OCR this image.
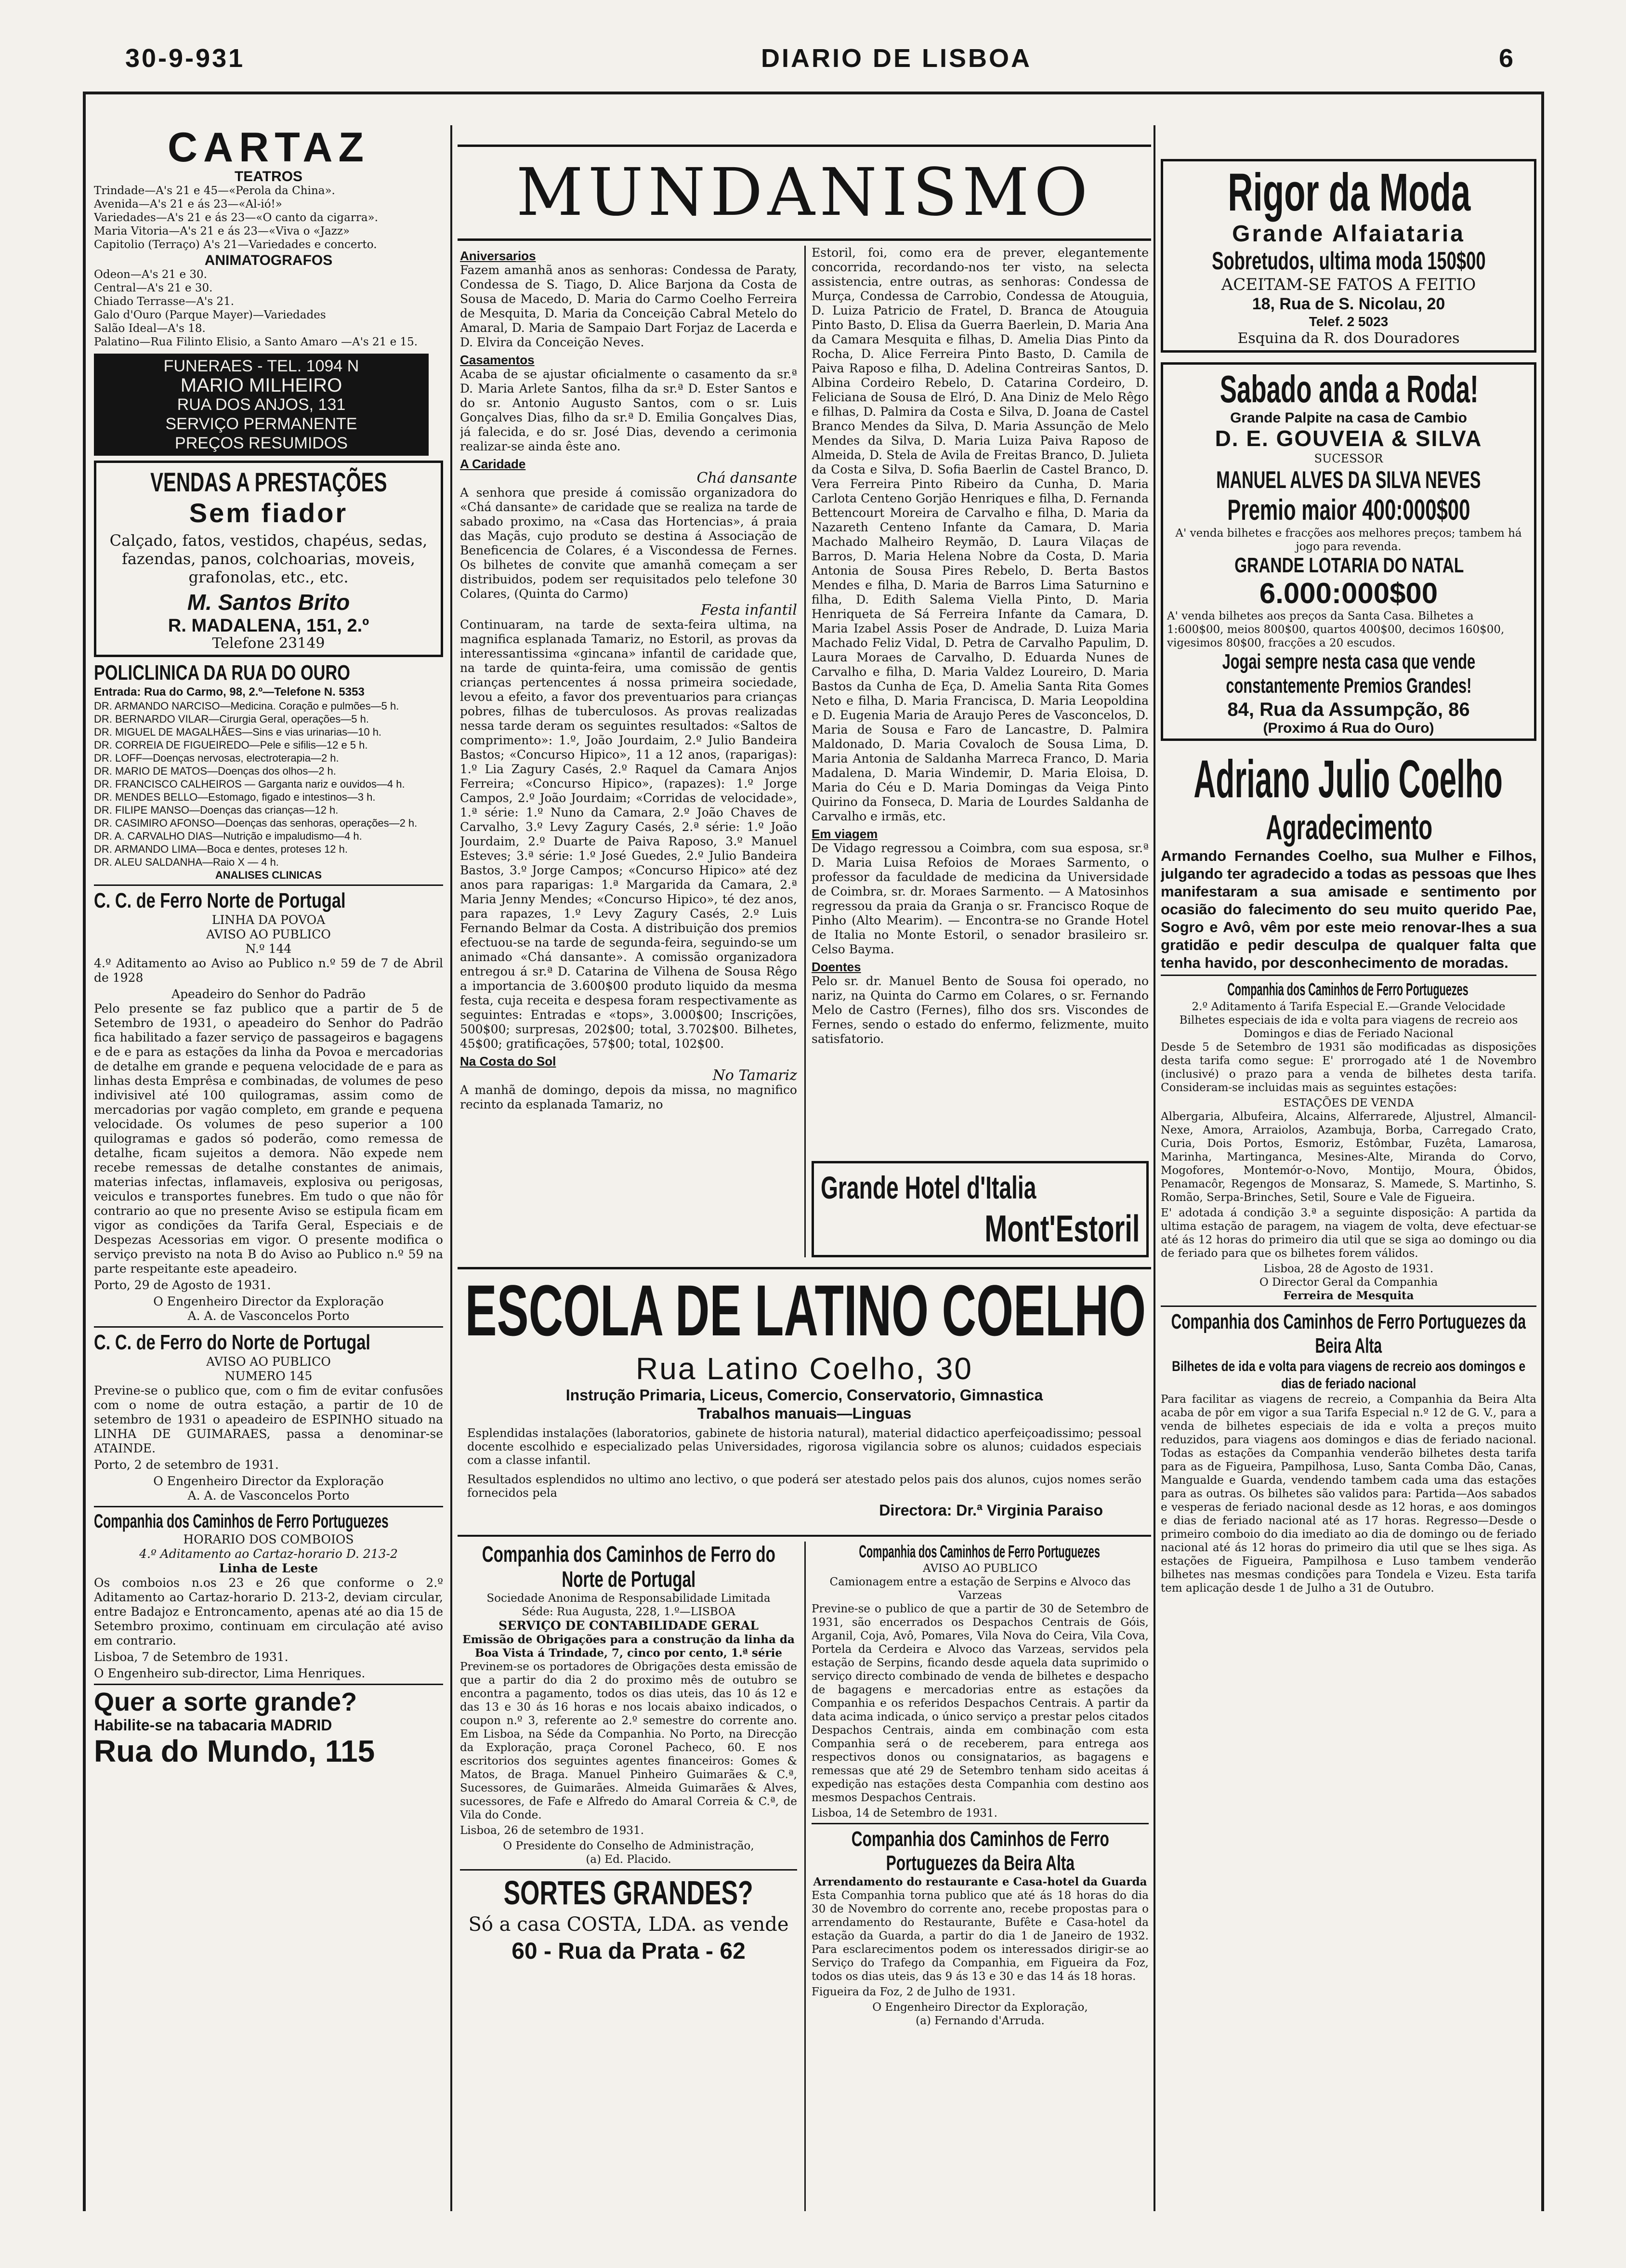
30-9-931	DIARIO DE LISBOA	6
CARTAZ
TEATROS
Trindade—A's 21 e 45—«Perola da China».
Avenida—A's 21 e ás 23—«Al-ió!»
Variedades—A's 21 e ás 23—«O canto da cigarra».
Maria Vitoria—A's 21 e ás 23—«Viva o «Jazz»
Capitolio (Terraço) A's 21—Variedades e concerto.
ANIMATOGRAFOS
Odeon—A's 21 e 30.
Central—A's 21 e 30.
Chiado Terrasse—A's 21.
Galo d'Ouro (Parque Mayer)—Variedades
Salão Ideal—A's 18.
Palatino—Rua Filinto Elisio, a Santo Amaro —A's 21 e 15.
FUNERAES - TEL. 1094 N
MARIO MILHEIRO
RUA DOS ANJOS, 131
SERVIÇO PERMANENTE
PREÇOS RESUMIDOS
VENDAS A PRESTAÇÕES
Sem fiador
Calçado, fatos, vestidos, chapéus, sedas, fazendas, panos, colchoarias, moveis, grafonolas, etc., etc.
M. Santos Brito
R. MADALENA, 151, 2.º
Telefone 23149
POLICLINICA DA RUA DO OURO
Entrada: Rua do Carmo, 98, 2.º—Telefone N. 5353
DR. ARMANDO NARCISO—Medicina. Coração e pulmões—5 h.
DR. BERNARDO VILAR—Cirurgia Geral, operações—5 h.
DR. MIGUEL DE MAGALHÃES—Sins e vias urinarias—10 h.
DR. CORREIA DE FIGUEIREDO—Pele e sifilis—12 e 5 h.
DR. LOFF—Doenças nervosas, electroterapia—2 h.
DR. MARIO DE MATOS—Doenças dos olhos—2 h.
DR. FRANCISCO CALHEIROS — Garganta nariz e ouvidos—4 h.
DR. MENDES BELLO—Estomago, figado e intestinos—3 h.
DR. FILIPE MANSO—Doenças das crianças—12 h.
DR. CASIMIRO AFONSO—Doenças das senhoras, operações—2 h.
DR. A. CARVALHO DIAS—Nutrição e impaludismo—4 h.
DR. ARMANDO LIMA—Boca e dentes, proteses 12 h.
DR. ALEU SALDANHA—Raio X — 4 h.
ANALISES CLINICAS
C. C. de Ferro Norte de Portugal
LINHA DA POVOA
AVISO AO PUBLICO
N.º 144

4.º Aditamento ao Aviso ao Publico n.º 59 de 7 de Abril de 1928

Apeadeiro do Senhor do Padrão

Pelo presente se faz publico que a partir de 5 de Setembro de 1931, o apeadeiro do Senhor do Padrão fica habilitado a fazer serviço de passageiros e bagagens e de e para as estações da linha da Povoa e mercadorias de detalhe em grande e pequena velocidade de e para as linhas desta Emprêsa e combinadas, de volumes de peso indivisivel até 100 quilogramas, assim como de mercadorias por vagão completo, em grande e pequena velocidade. Os volumes de peso superior a 100 quilogramas e gados só poderão, como remessa de detalhe, ficam sujeitos a demora. Não expede nem recebe remessas de detalhe constantes de animais, materias infectas, inflamaveis, explosiva ou perigosas, veiculos e transportes funebres. Em tudo o que não fôr contrario ao que no presente Aviso se estipula ficam em vigor as condições da Tarifa Geral, Especiais e de Despezas Acessorias em vigor. O presente modifica o serviço previsto na nota B do Aviso ao Publico n.º 59 na parte respeitante este apeadeiro.

Porto, 29 de Agosto de 1931.

O Engenheiro Director da Exploração
A. A. de Vasconcelos Porto
C. C. de Ferro do Norte de Portugal
AVISO AO PUBLICO
NUMERO 145

Previne-se o publico que, com o fim de evitar confusões com o nome de outra estação, a partir de 10 de setembro de 1931 o apeadeiro de ESPINHO situado na LINHA DE GUIMARAES, passa a denominar-se ATAINDE.

Porto, 2 de setembro de 1931.

O Engenheiro Director da Exploração
A. A. de Vasconcelos Porto
Companhia dos Caminhos de Ferro Portuguezes
HORARIO DOS COMBOIOS
4.º Aditamento ao Cartaz-horario D. 213-2
Linha de Leste

Os comboios n.os 23 e 26 que conforme o 2.º Aditamento ao Cartaz-horario D. 213-2, deviam circular, entre Badajoz e Entroncamento, apenas até ao dia 15 de Setembro proximo, continuam em circulação até aviso em contrario.

Lisboa, 7 de Setembro de 1931.

O Engenheiro sub-director, Lima Henriques.

Quer a sorte grande?
Habilite-se na tabacaria MADRID
Rua do Mundo, 115
MUNDANISMO
Aniversarios

Fazem amanhã anos as senhoras: Condessa de Paraty, Condessa de S. Tiago, D. Alice Barjona da Costa de Sousa de Macedo, D. Maria do Carmo Coelho Ferreira de Mesquita, D. Maria da Conceição Cabral Metelo do Amaral, D. Maria de Sampaio Dart Forjaz de Lacerda e D. Elvira da Conceição Neves.

Casamentos

Acaba de se ajustar oficialmente o casamento da sr.ª D. Maria Arlete Santos, filha da sr.ª D. Ester Santos e do sr. Antonio Augusto Santos, com o sr. Luis Gonçalves Dias, filho da sr.ª D. Emilia Gonçalves Dias, já falecida, e do sr. José Dias, devendo a cerimonia realizar-se ainda êste ano.

A Caridade
Chá dansante

A senhora que preside á comissão organizadora do «Chá dansante» de caridade que se realiza na tarde de sabado proximo, na «Casa das Hortencias», á praia das Maçãs, cujo produto se destina á Associação de Beneficencia de Colares, é a Viscondessa de Fernes. Os bilhetes de convite que amanhã começam a ser distribuidos, podem ser requisitados pelo telefone 30 Colares, (Quinta do Carmo)

Festa infantil

Continuaram, na tarde de sexta-feira ultima, na magnifica esplanada Tamariz, no Estoril, as provas da interessantissima «gincana» infantil de caridade que, na tarde de quinta-feira, uma comissão de gentis crianças pertencentes á nossa primeira sociedade, levou a efeito, a favor dos preventuarios para crianças pobres, filhas de tuberculosos. As provas realizadas nessa tarde deram os seguintes resultados: «Saltos de comprimento»: 1.º, João Jourdaim, 2.º Julio Bandeira Bastos; «Concurso Hipico», 11 a 12 anos, (raparigas): 1.º Lia Zagury Casés, 2.º Raquel da Camara Anjos Ferreira; «Concurso Hipico», (rapazes): 1.º Jorge Campos, 2.º João Jourdaim; «Corridas de velocidade», 1.ª série: 1.º Nuno da Camara, 2.º João Chaves de Carvalho, 3.º Levy Zagury Casés, 2.ª série: 1.º João Jourdaim, 2.º Duarte de Paiva Raposo, 3.º Manuel Esteves; 3.ª série: 1.º José Guedes, 2.º Julio Bandeira Bastos, 3.º Jorge Campos; «Concurso Hipico» até dez anos para raparigas: 1.ª Margarida da Camara, 2.ª Maria Jenny Mendes; «Concurso Hipico», té dez anos, para rapazes, 1.º Levy Zagury Casés, 2.º Luis Fernando Belmar da Costa. A distribuição dos premios efectuou-se na tarde de segunda-feira, seguindo-se um animado «Chá dansante». A comissão organizadora entregou á sr.ª D. Catarina de Vilhena de Sousa Rêgo a importancia de 3.600$00 produto liquido da mesma festa, cuja receita e despesa foram respectivamente as seguintes: Entradas e «tops», 3.000$00; Inscrições, 500$00; surpresas, 202$00; total, 3.702$00. Bilhetes, 45$00; gratificações, 57$00; total, 102$00.

Na Costa do Sol
No Tamariz

A manhã de domingo, depois da missa, no magnifico recinto da esplanada Tamariz, no

Estoril, foi, como era de prever, elegantemente concorrida, recordando-nos ter visto, na selecta assistencia, entre outras, as senhoras: Condessa de Murça, Condessa de Carrobio, Condessa de Atouguia, D. Luiza Patricio de Fratel, D. Branca de Atouguia Pinto Basto, D. Elisa da Guerra Baerlein, D. Maria Ana da Camara Mesquita e filhas, D. Amelia Dias Pinto da Rocha, D. Alice Ferreira Pinto Basto, D. Camila de Paiva Raposo e filha, D. Adelina Contreiras Santos, D. Albina Cordeiro Rebelo, D. Catarina Cordeiro, D. Feliciana de Sousa de Elró, D. Ana Diniz de Melo Rêgo e filhas, D. Palmira da Costa e Silva, D. Joana de Castel Branco Mendes da Silva, D. Maria Assunção de Melo Mendes da Silva, D. Maria Luiza Paiva Raposo de Almeida, D. Stela de Avila de Freitas Branco, D. Julieta da Costa e Silva, D. Sofia Baerlin de Castel Branco, D. Vera Ferreira Pinto Ribeiro da Cunha, D. Maria Carlota Centeno Gorjão Henriques e filha, D. Fernanda Bettencourt Moreira de Carvalho e filha, D. Maria da Nazareth Centeno Infante da Camara, D. Maria Machado Malheiro Reymão, D. Laura Vilaças de Barros, D. Maria Helena Nobre da Costa, D. Maria Antonia de Sousa Pires Rebelo, D. Berta Bastos Mendes e filha, D. Maria de Barros Lima Saturnino e filha, D. Edith Salema Viella Pinto, D. Maria Henriqueta de Sá Ferreira Infante da Camara, D. Maria Izabel Assis Poser de Andrade, D. Luiza Maria Machado Feliz Vidal, D. Petra de Carvalho Papulim, D. Laura Moraes de Carvalho, D. Eduarda Nunes de Carvalho e filha, D. Maria Valdez Loureiro, D. Maria Bastos da Cunha de Eça, D. Amelia Santa Rita Gomes Neto e filha, D. Maria Francisca, D. Maria Leopoldina e D. Eugenia Maria de Araujo Peres de Vasconcelos, D. Maria de Sousa e Faro de Lancastre, D. Palmira Maldonado, D. Maria Covaloch de Sousa Lima, D. Maria Antonia de Saldanha Marreca Franco, D. Maria Madalena, D. Maria Windemir, D. Maria Eloisa, D. Maria do Céu e D. Maria Domingas da Veiga Pinto Quirino da Fonseca, D. Maria de Lourdes Saldanha de Carvalho e irmãs, etc.

Em viagem

De Vidago regressou a Coimbra, com sua esposa, sr.ª D. Maria Luisa Refoios de Moraes Sarmento, o professor da faculdade de medicina da Universidade de Coimbra, sr. dr. Moraes Sarmento. — A Matosinhos regressou da praia da Granja o sr. Francisco Roque de Pinho (Alto Mearim). — Encontra-se no Grande Hotel de Italia no Monte Estoril, o senador brasileiro sr. Celso Bayma.

Doentes

Pelo sr. dr. Manuel Bento de Sousa foi operado, no nariz, na Quinta do Carmo em Colares, o sr. Fernando Melo de Castro (Fernes), filho dos srs. Viscondes de Fernes, sendo o estado do enfermo, felizmente, muito satisfatorio.

Grande Hotel d'Italia
Mont'Estoril
ESCOLA DE LATINO COELHO
Rua Latino Coelho, 30
Instrução Primaria, Liceus, Comercio, Conservatorio, Gimnastica
Trabalhos manuais—Linguas
Esplendidas instalações (laboratorios, gabinete de historia natural), material didactico aperfeiçoadissimo; pessoal docente escolhido e especializado pelas Universidades, rigorosa vigilancia sobre os alunos; cuidados especiais com a classe infantil.
Resultados esplendidos no ultimo ano lectivo, o que poderá ser atestado pelos pais dos alunos, cujos nomes serão fornecidos pela
Directora: Dr.ª Virginia Paraiso
Companhia dos Caminhos de Ferro do Norte de Portugal
Sociedade Anonima de Responsabilidade Limitada
Séde: Rua Augusta, 228, 1.º—LISBOA
SERVIÇO DE CONTABILIDADE GERAL
Emissão de Obrigações para a construção da linha da Boa Vista á Trindade, 7, cinco por cento, 1.ª série

Previnem-se os portadores de Obrigações desta emissão de que a partir do dia 2 do proximo mês de outubro se encontra a pagamento, todos os dias uteis, das 10 ás 12 e das 13 e 30 ás 16 horas e nos locais abaixo indicados, o coupon n.º 3, referente ao 2.º semestre do corrente ano. Em Lisboa, na Séde da Companhia. No Porto, na Direcção da Exploração, praça Coronel Pacheco, 60. E nos escritorios dos seguintes agentes financeiros: Gomes & Matos, de Braga. Manuel Pinheiro Guimarães & C.ª, Sucessores, de Guimarães. Almeida Guimarães & Alves, sucessores, de Fafe e Alfredo do Amaral Correia & C.ª, de Vila do Conde.

Lisboa, 26 de setembro de 1931.

O Presidente do Conselho de Administração,
(a) Ed. Placido.
SORTES GRANDES?
Só a casa COSTA, LDA. as vende
60 - Rua da Prata - 62
Companhia dos Caminhos de Ferro Portuguezes
AVISO AO PUBLICO
Camionagem entre a estação de Serpins e Alvoco das Varzeas

Previne-se o publico de que a partir de 30 de Setembro de 1931, são encerrados os Despachos Centrais de Góis, Arganil, Coja, Avô, Pomares, Vila Nova do Ceira, Vila Cova, Portela da Cerdeira e Alvoco das Varzeas, servidos pela estação de Serpins, ficando desde aquela data suprimido o serviço directo combinado de venda de bilhetes e despacho de bagagens e mercadorias entre as estações da Companhia e os referidos Despachos Centrais. A partir da data acima indicada, o único serviço a prestar pelos citados Despachos Centrais, ainda em combinação com esta Companhia será o de receberem, para entrega aos respectivos donos ou consignatarios, as bagagens e remessas que até 29 de Setembro tenham sido aceitas á expedição nas estações desta Companhia com destino aos mesmos Despachos Centrais.

Lisboa, 14 de Setembro de 1931.

Companhia dos Caminhos de Ferro Portuguezes da Beira Alta
Arrendamento do restaurante e Casa-hotel da Guarda

Esta Companhia torna publico que até ás 18 horas do dia 30 de Novembro do corrente ano, recebe propostas para o arrendamento do Restaurante, Bufête e Casa-hotel da estação da Guarda, a partir do dia 1 de Janeiro de 1932. Para esclarecimentos podem os interessados dirigir-se ao Serviço do Trafego da Companhia, em Figueira da Foz, todos os dias uteis, das 9 ás 13 e 30 e das 14 ás 18 horas.

Figueira da Foz, 2 de Julho de 1931.

O Engenheiro Director da Exploração,
(a) Fernando d'Arruda.
Rigor da Moda
Grande Alfaiataria
Sobretudos, ultima moda 150$00
ACEITAM-SE FATOS A FEITIO
18, Rua de S. Nicolau, 20
Telef. 2 5023
Esquina da R. dos Douradores
Sabado anda a Roda!
Grande Palpite na casa de Cambio
D. E. GOUVEIA & SILVA
SUCESSOR
MANUEL ALVES DA SILVA NEVES
Premio maior 400:000$00
A' venda bilhetes e fracções aos melhores preços; tambem há jogo para revenda.
GRANDE LOTARIA DO NATAL
6.000:000$00
A' venda bilhetes aos preços da Santa Casa. Bilhetes a 1:600$00, meios 800$00, quartos 400$00, decimos 160$00, vigesimos 80$00, fracções a 20 escudos.
Jogai sempre nesta casa que vende constantemente Premios Grandes!
84, Rua da Assumpção, 86
(Proximo á Rua do Ouro)
Adriano Julio Coelho
Agradecimento
Armando Fernandes Coelho, sua Mulher e Filhos, julgando ter agradecido a todas as pessoas que lhes manifestaram a sua amisade e sentimento por ocasião do falecimento do seu muito querido Pae, Sogro e Avô, vêm por este meio renovar-lhes a sua gratidão e pedir desculpa de qualquer falta que tenha havido, por desconhecimento de moradas.
Companhia dos Caminhos de Ferro Portuguezes
2.º Aditamento á Tarifa Especial E.—Grande Velocidade
Bilhetes especiais de ida e volta para viagens de recreio aos Domingos e dias de Feriado Nacional

Desde 5 de Setembro de 1931 são modificadas as disposições desta tarifa como segue: E' prorrogado até 1 de Novembro (inclusivé) o prazo para a venda de bilhetes desta tarifa. Consideram-se incluidas mais as seguintes estações:

ESTAÇÕES DE VENDA

Albergaria, Albufeira, Alcains, Alferrarede, Aljustrel, Almancil-Nexe, Amora, Arraiolos, Azambuja, Borba, Carregado Crato, Curia, Dois Portos, Esmoriz, Estômbar, Fuzêta, Lamarosa, Marinha, Martinganca, Mesines-Alte, Miranda do Corvo, Mogofores, Montemór-o-Novo, Montijo, Moura, Óbidos, Penamacôr, Regengos de Monsaraz, S. Mamede, S. Martinho, S. Romão, Serpa-Brinches, Setil, Soure e Vale de Figueira.

E' adotada á condição 3.ª a seguinte disposição: A partida da ultima estação de paragem, na viagem de volta, deve efectuar-se até ás 12 horas do primeiro dia util que se siga ao domingo ou dia de feriado para que os bilhetes forem válidos.

Lisboa, 28 de Agosto de 1931.
O Director Geral da Companhia
Ferreira de Mesquita
Companhia dos Caminhos de Ferro Portuguezes da Beira Alta
Bilhetes de ida e volta para viagens de recreio aos domingos e dias de feriado nacional

Para facilitar as viagens de recreio, a Companhia da Beira Alta acaba de pôr em vigor a sua Tarifa Especial n.º 12 de G. V., para a venda de bilhetes especiais de ida e volta a preços muito reduzidos, para viagens aos domingos e dias de feriado nacional. Todas as estações da Companhia venderão bilhetes desta tarifa para as de Figueira, Pampilhosa, Luso, Santa Comba Dão, Canas, Mangualde e Guarda, vendendo tambem cada uma das estações para as outras. Os bilhetes são validos para: Partida—Aos sabados e vesperas de feriado nacional desde as 12 horas, e aos domingos e dias de feriado nacional até as 17 horas. Regresso—Desde o primeiro comboio do dia imediato ao dia de domingo ou de feriado nacional até ás 12 horas do primeiro dia util que se lhes siga. As estações de Figueira, Pampilhosa e Luso tambem venderão bilhetes nas mesmas condições para Tondela e Vizeu. Esta tarifa tem aplicação desde 1 de Julho a 31 de Outubro.
